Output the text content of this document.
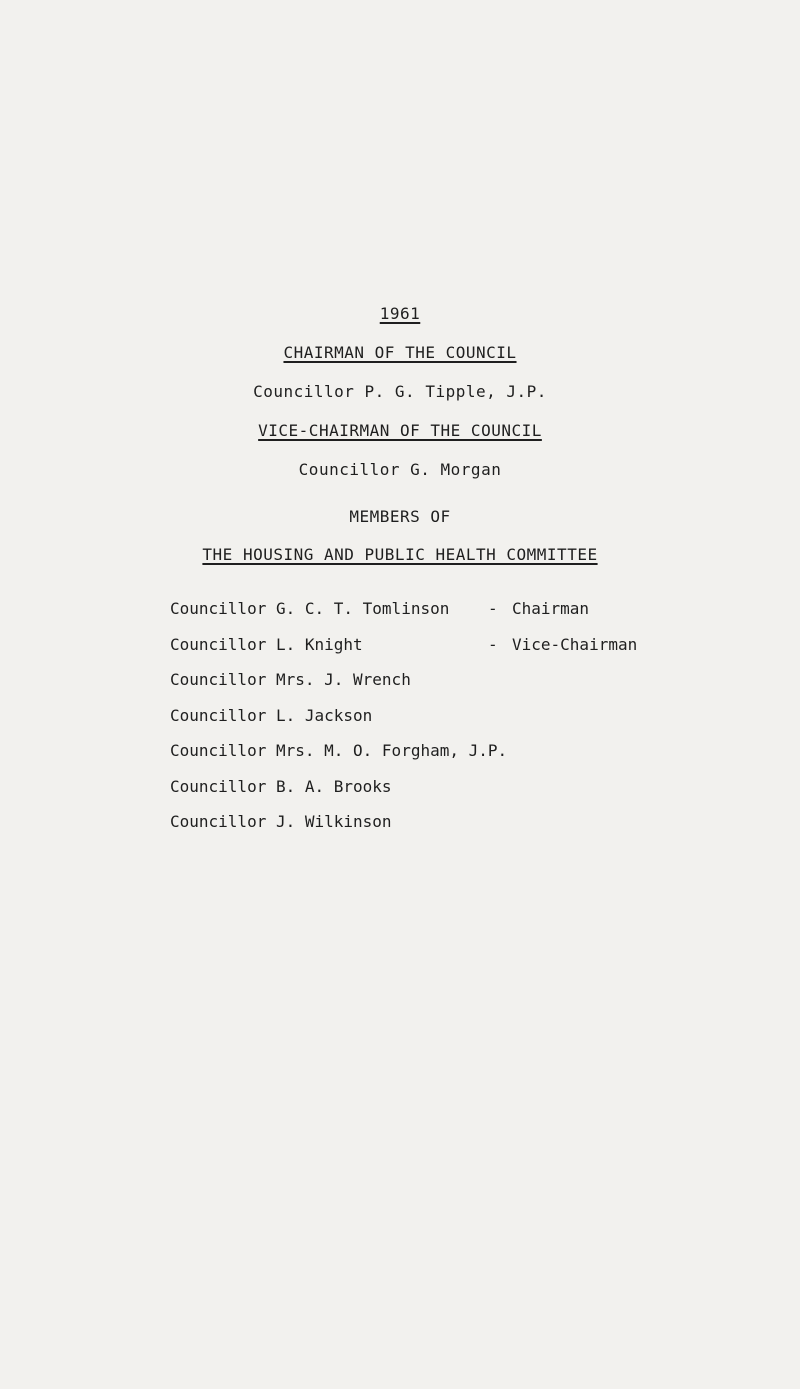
1961
CHAIRMAN OF THE COUNCIL
Councillor P. G. Tipple, J.P.
VICE-CHAIRMAN OF THE COUNCIL
Councillor G. Morgan
MEMBERS OF
THE HOUSING AND PUBLIC HEALTH COMMITTEE
Councillor G. C. T. Tomlinson - Chairman
Councillor L. Knight	- Vice-Chairman
Councillor Mrs. J. Wrench
Councillor L. Jackson
Councillor Mrs. M. O. Forgham, J.P.
Councillor B. A. Brooks
Councillor J. Wilkinson
